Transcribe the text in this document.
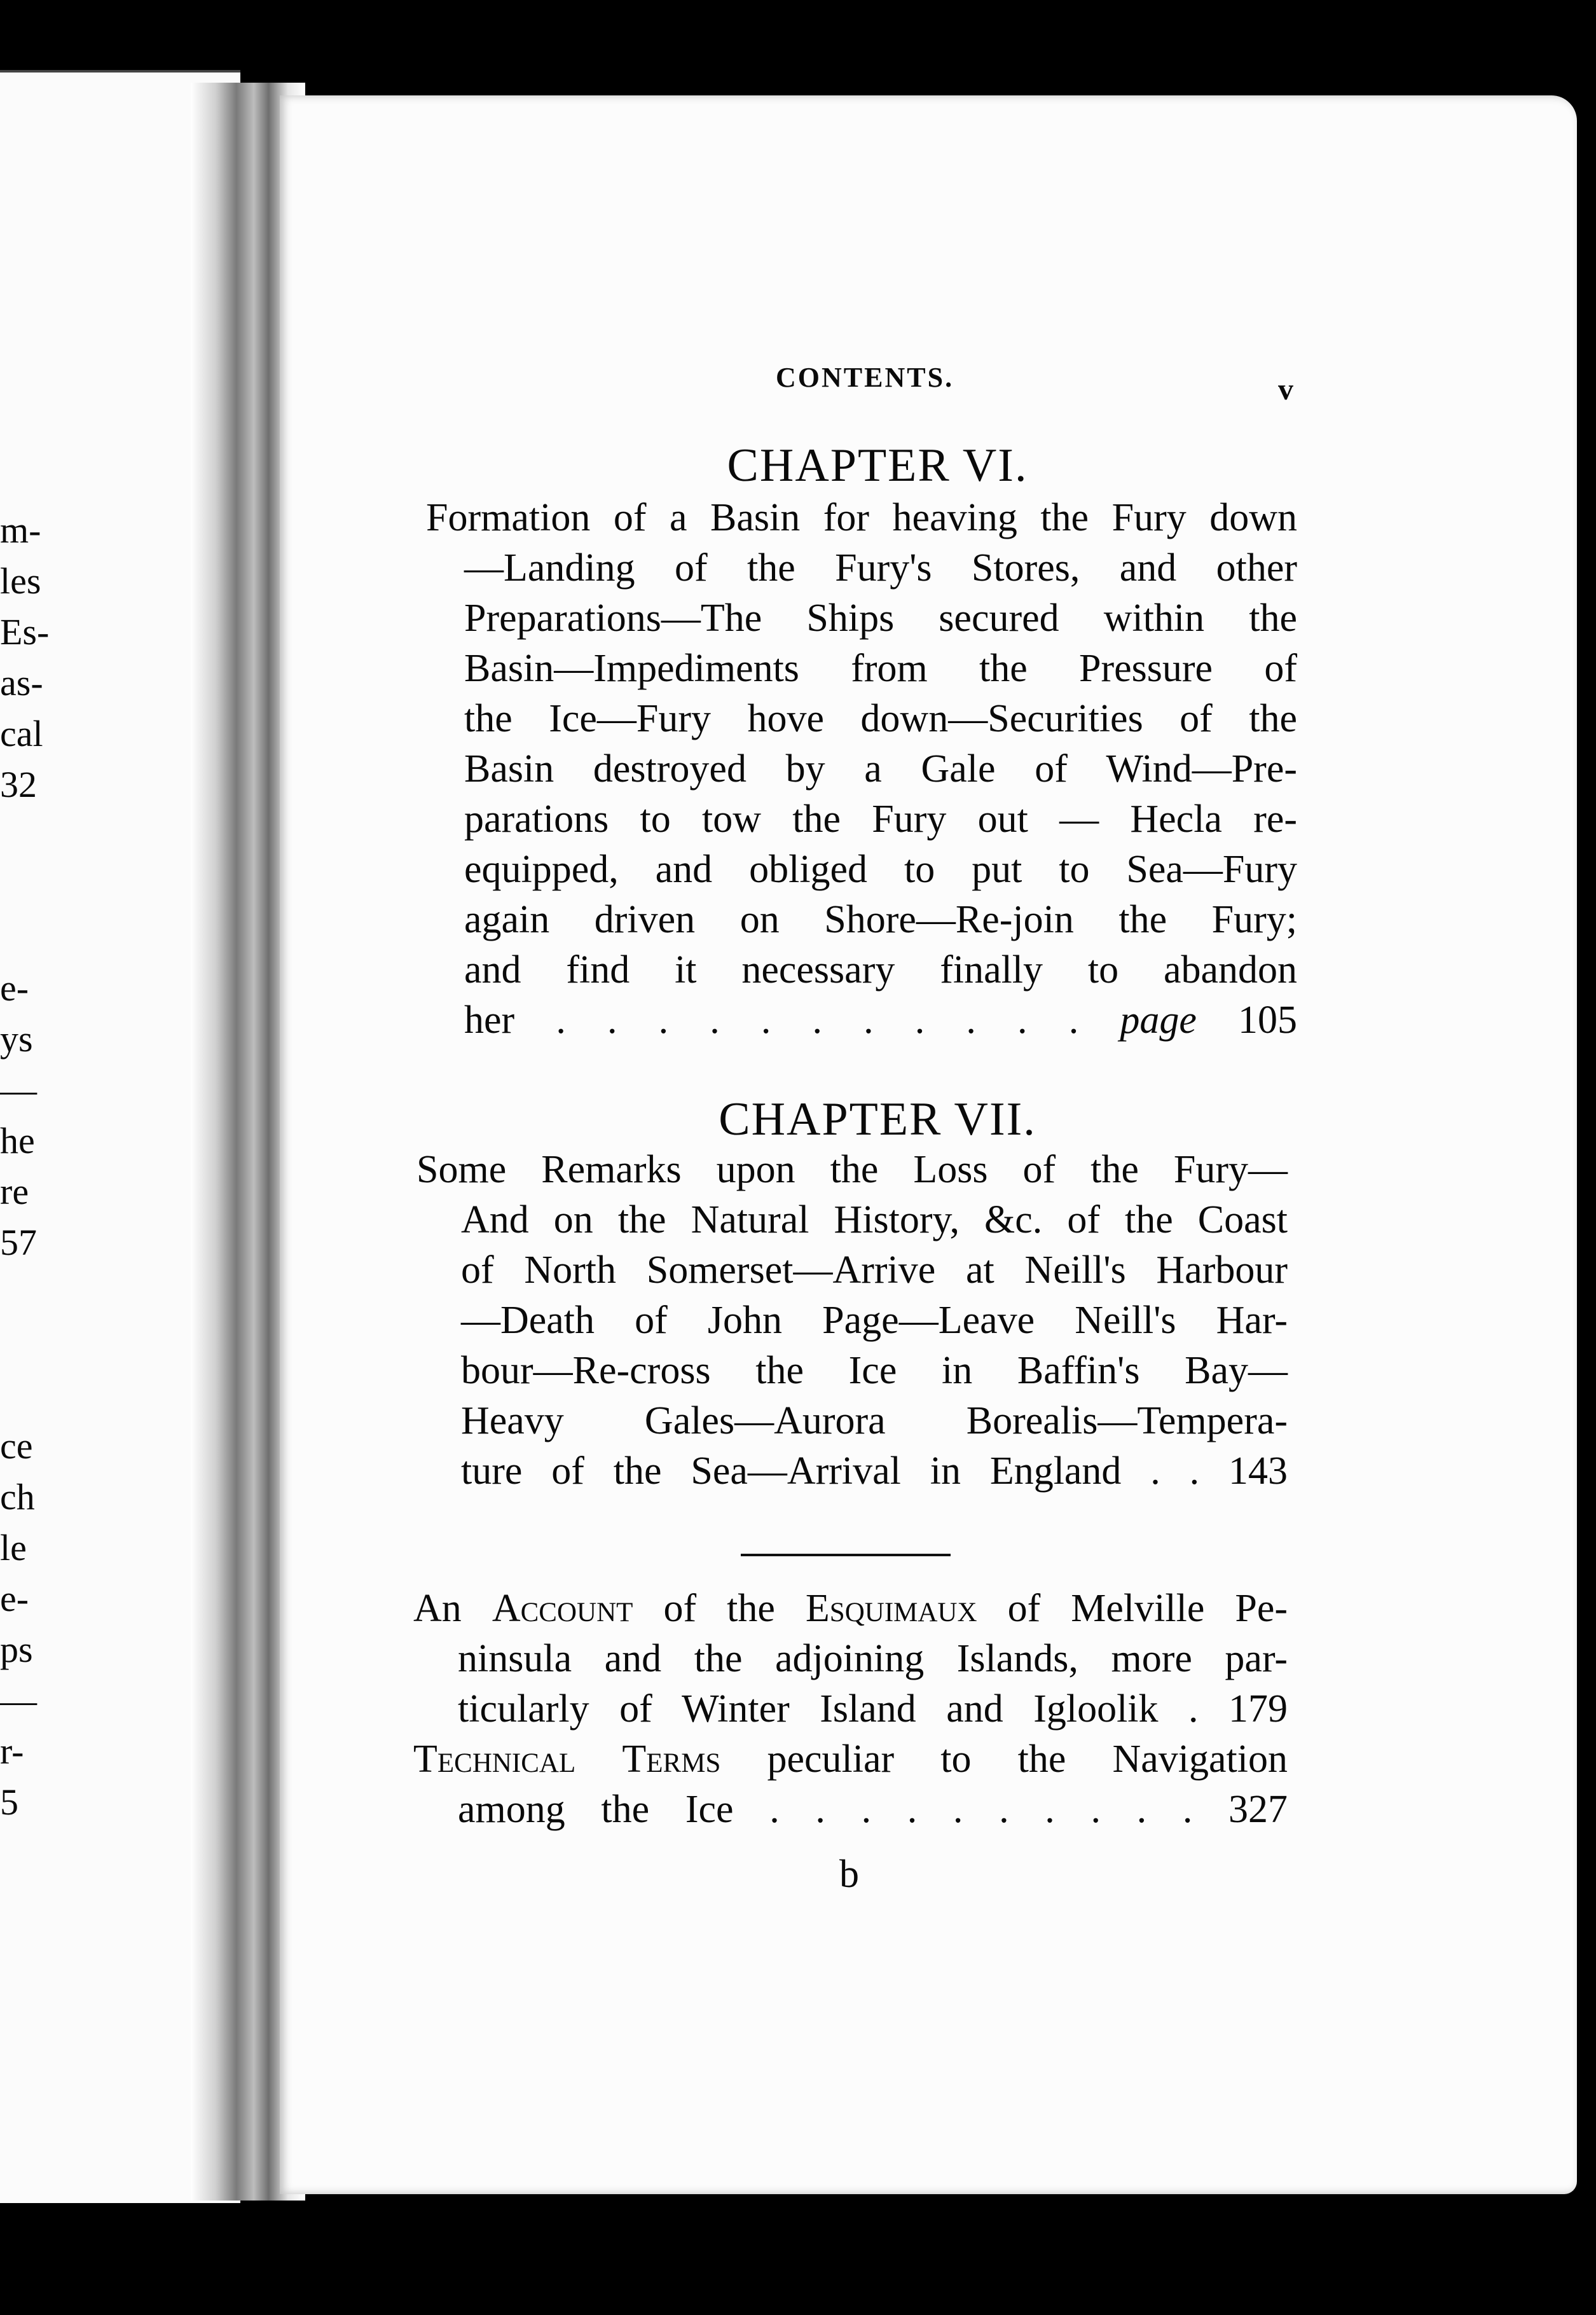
m-
les
Es-
as-
cal
32
e-
ys
—
he
re
57
ce
ch
le
e-
ps
—
r-
5
CONTENTS.	v
CHAPTER VI.
Formation of a Basin for heaving the Fury down
—Landing of the Fury's Stores, and other
Preparations—The Ships secured within the
Basin—Impediments from the Pressure of
the Ice—Fury hove down—Securities of the
Basin destroyed by a Gale of Wind—Pre-
parations to tow the Fury out — Hecla re-
equipped, and obliged to put to Sea—Fury
again driven on Shore—Re-join the Fury;
and find it necessary finally to abandon
her . . . . . . . . . . . page 105
CHAPTER VII.
Some Remarks upon the Loss of the Fury—
And on the Natural History, &c. of the Coast
of North Somerset—Arrive at Neill's Harbour
—Death of John Page—Leave Neill's Har-
bour—Re-cross the Ice in Baffin's Bay—
Heavy Gales—Aurora Borealis—Tempera-
ture of the Sea—Arrival in England . . 143
An Account of the Esquimaux of Melville Pe-
ninsula and the adjoining Islands, more par-
ticularly of Winter Island and Igloolik . 179
Technical Terms peculiar to the Navigation
among the Ice . . . . . . . . . . 327
b
